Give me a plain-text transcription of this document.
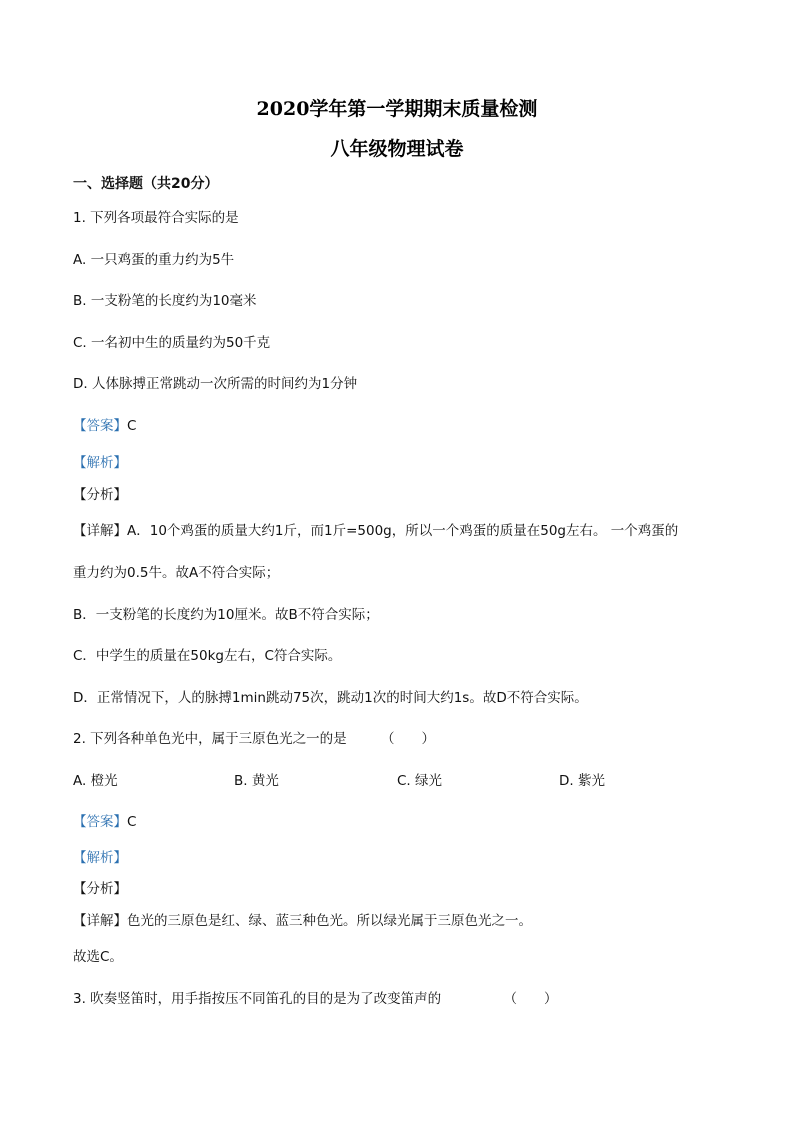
2020学年第一学期期末质量检测
八年级物理试卷
一、选择题（共20分）
1. 下列各项最符合实际的是
A. 一只鸡蛋的重力约为5牛
B. 一支粉笔的长度约为10毫米
C. 一名初中生的质量约为50千克
D. 人体脉搏正常跳动一次所需的时间约为1分钟
【答案】C
【解析】
【分析】
【详解】A．10个鸡蛋的质量大约1斤，而1斤=500g，所以一个鸡蛋的质量在50g左右。 一个鸡蛋的
重力约为0.5牛。故A不符合实际；
B．一支粉笔的长度约为10厘米。故B不符合实际；
C．中学生的质量在50kg左右，C符合实际。
D．正常情况下，人的脉搏1min跳动75次，跳动1次的时间大约1s。故D不符合实际。
2. 下列各种单色光中，属于三原色光之一的是	（　　）
A. 橙光	B. 黄光	C. 绿光	D. 紫光
【答案】C
【解析】
【分析】
【详解】色光的三原色是红、绿、蓝三种色光。所以绿光属于三原色光之一。
故选C。
3. 吹奏竖笛时，用手指按压不同笛孔的目的是为了改变笛声的	（　　）
